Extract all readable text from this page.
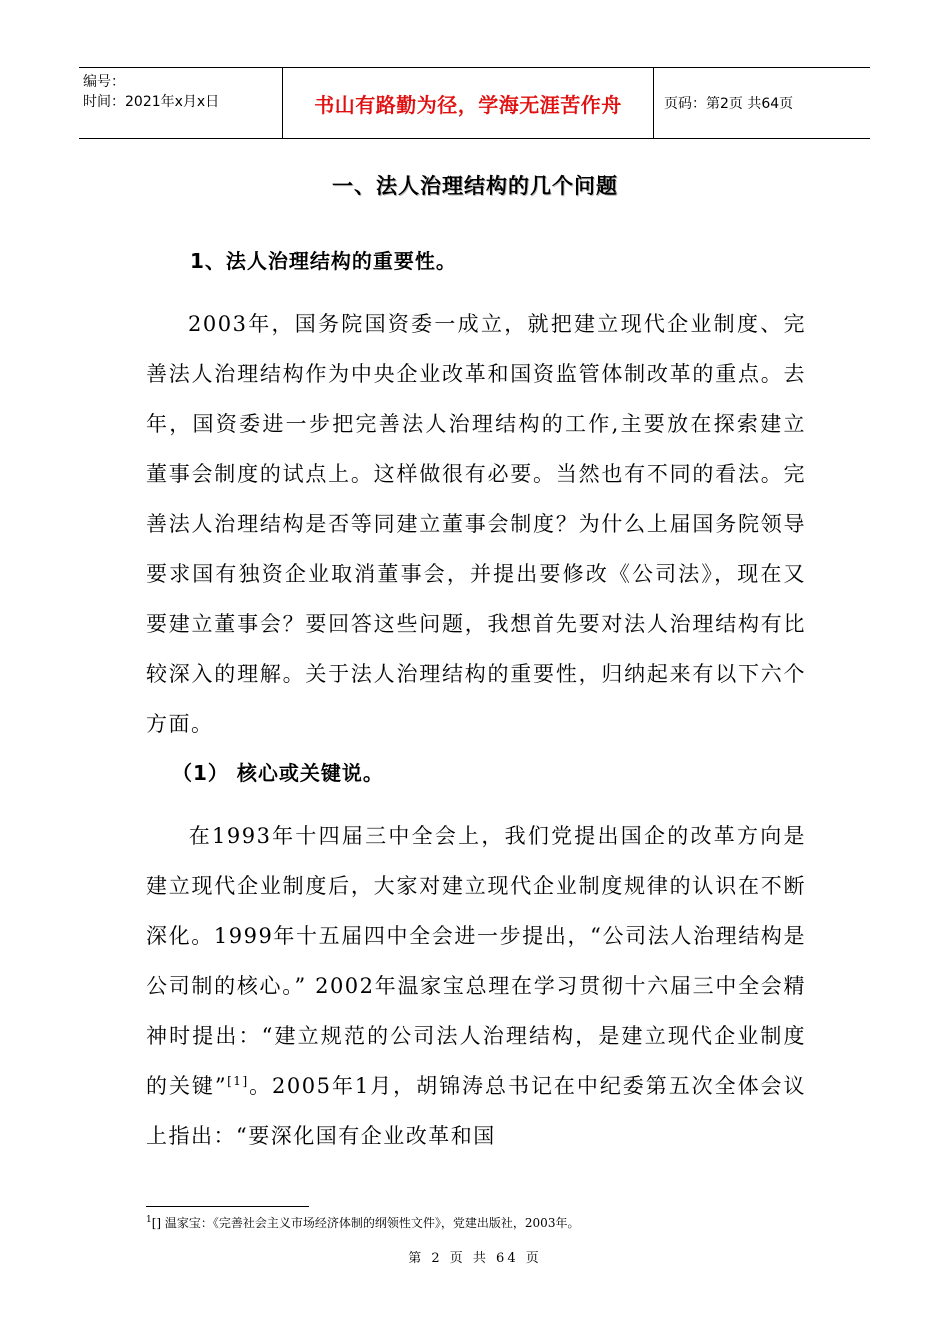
编号：
时间：2021年x月x日	书山有路勤为径，学海无涯苦作舟	页码：第2页 共64页
一、法人治理结构的几个问题
1、法人治理结构的重要性。

2003年，国务院国资委一成立，就把建立现代企业制度、完善法人治理结构作为中央企业改革和国资监管体制改革的重点。去年，国资委进一步把完善法人治理结构的工作,主要放在探索建立董事会制度的试点上。这样做很有必要。当然也有不同的看法。完善法人治理结构是否等同建立董事会制度？为什么上届国务院领导要求国有独资企业取消董事会，并提出要修改《公司法》，现在又要建立董事会？要回答这些问题，我想首先要对法人治理结构有比较深入的理解。关于法人治理结构的重要性，归纳起来有以下六个方面。

（1） 核心或关键说。

在1993年十四届三中全会上，我们党提出国企的改革方向是建立现代企业制度后，大家对建立现代企业制度规律的认识在不断深化。1999年十五届四中全会进一步提出，“公司法人治理结构是公司制的核心。” 2002年温家宝总理在学习贯彻十六届三中全会精神时提出：“建立规范的公司法人治理结构，是建立现代企业制度的关键”[1]。2005年1月，胡锦涛总书记在中纪委第五次全体会议上指出：“要深化国有企业改革和国

$^1$[] 温家宝：《完善社会主义市场经济体制的纲领性文件》，党建出版社，2003年。
第 2 页 共 64 页
